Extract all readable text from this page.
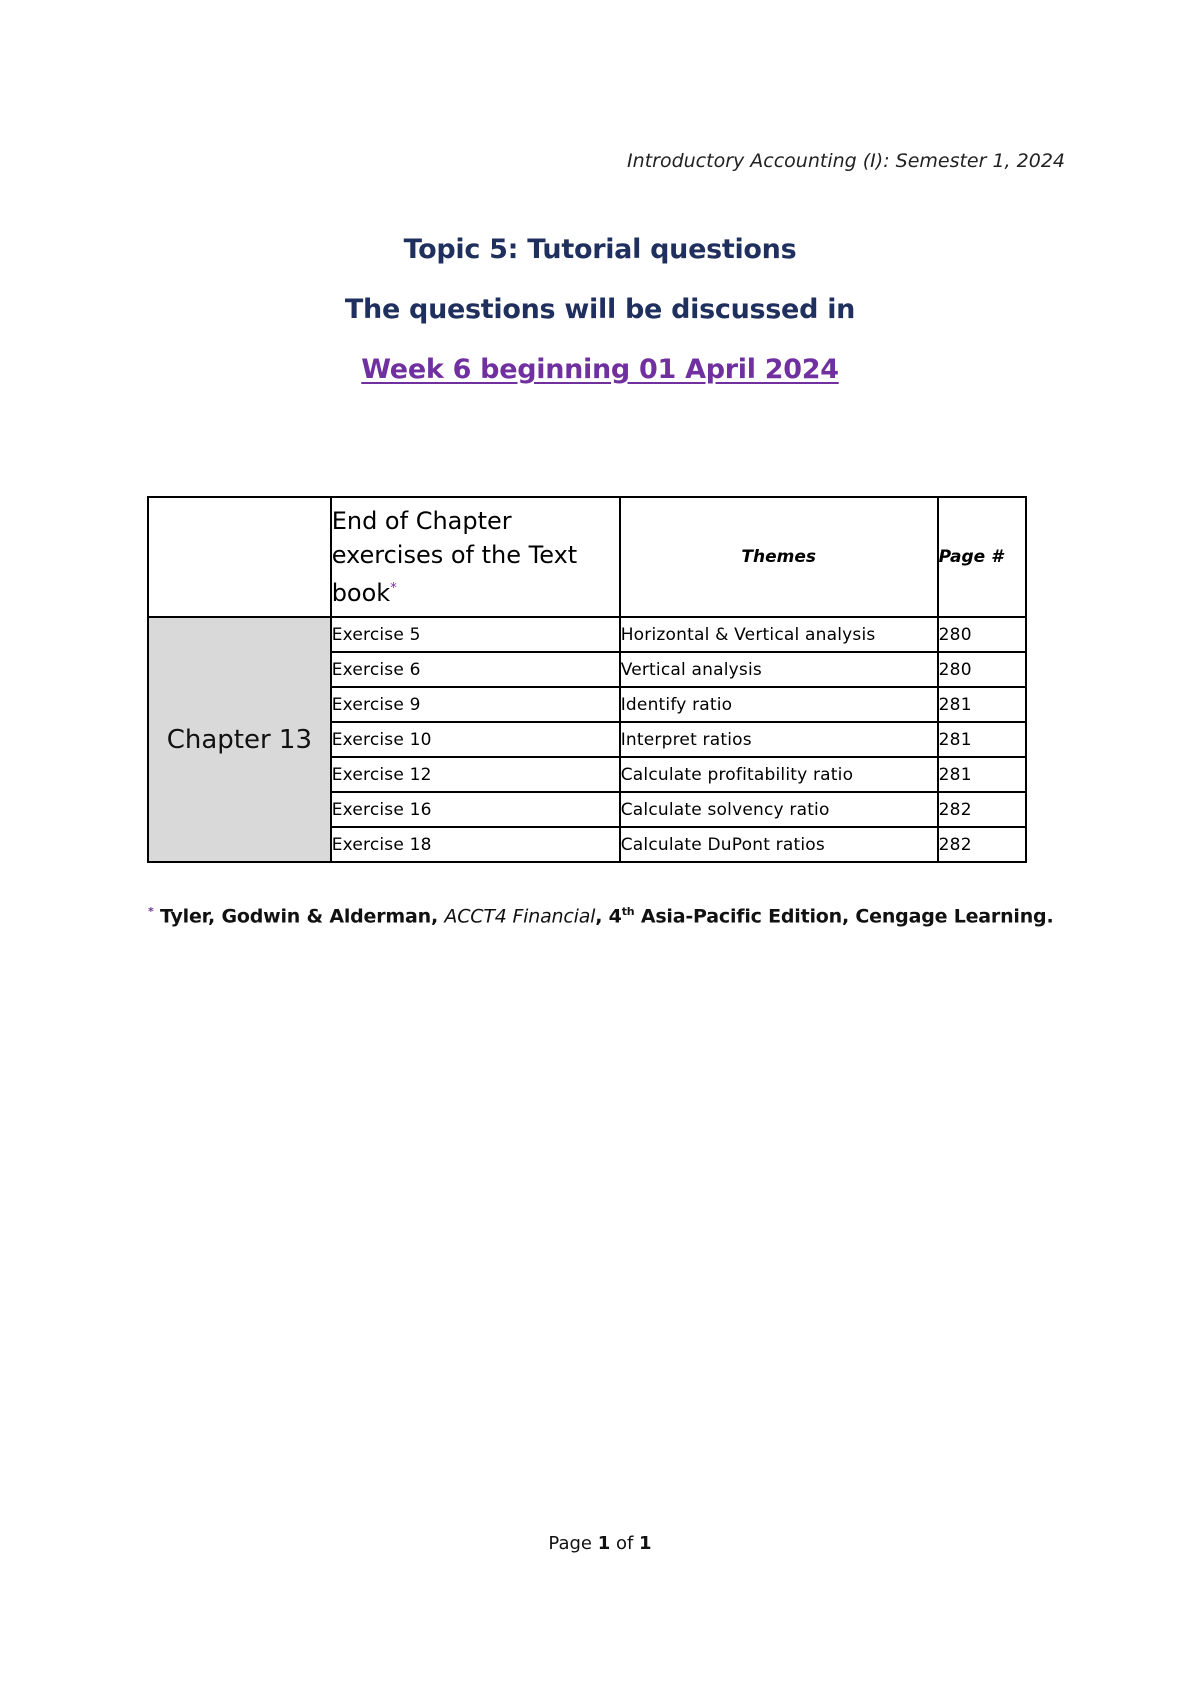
Introductory Accounting (I): Semester 1, 2024
Topic 5: Tutorial questions
The questions will be discussed in
Week 6 beginning 01 April 2024
	End of Chapter exercises of the Text book*	Themes	Page #
Chapter 13	Exercise 5	Horizontal & Vertical analysis	280
	Exercise 6	Vertical analysis	280
	Exercise 9	Identify ratio	281
	Exercise 10	Interpret ratios	281
	Exercise 12	Calculate profitability ratio	281
	Exercise 16	Calculate solvency ratio	282
	Exercise 18	Calculate DuPont ratios	282
* Tyler, Godwin & Alderman, ACCT4 Financial, 4th Asia-Pacific Edition, Cengage Learning.
Page 1 of 1
